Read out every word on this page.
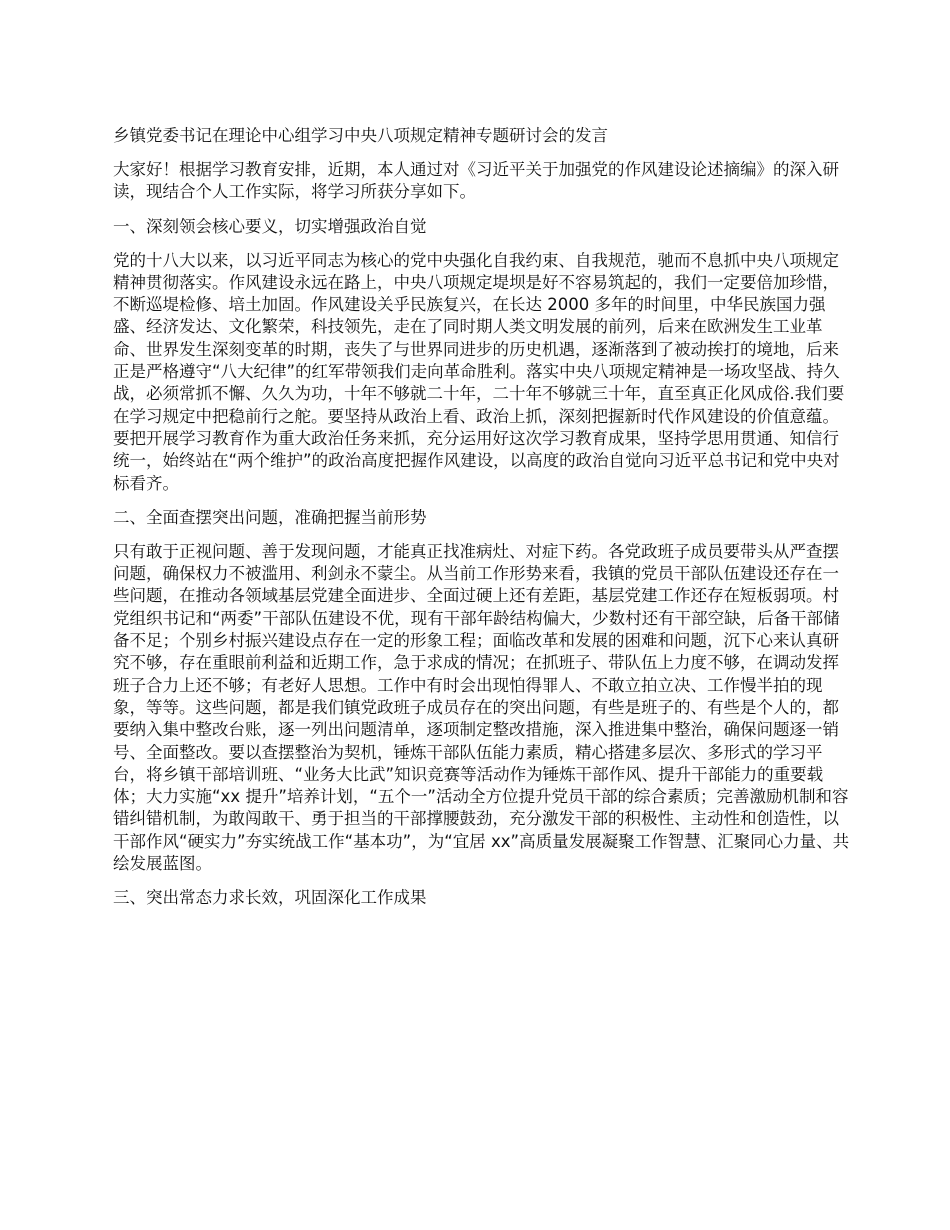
乡镇党委书记在理论中心组学习中央八项规定精神专题研讨会的发言
大家好！根据学习教育安排，近期，本人通过对《习近平关于加强党的作风建设论述摘编》的深入研读，现结合个人工作实际，将学习所获分享如下。
一、深刻领会核心要义，切实增强政治自觉
党的十八大以来，以习近平同志为核心的党中央强化自我约束、自我规范，驰而不息抓中央八项规定精神贯彻落实。作风建设永远在路上，中央八项规定堤坝是好不容易筑起的，我们一定要倍加珍惜，不断巡堤检修、培土加固。作风建设关乎民族复兴，在长达 2000 多年的时间里，中华民族国力强盛、经济发达、文化繁荣，科技领先，走在了同时期人类文明发展的前列，后来在欧洲发生工业革命、世界发生深刻变革的时期，丧失了与世界同进步的历史机遇，逐渐落到了被动挨打的境地，后来正是严格遵守“八大纪律”的红军带领我们走向革命胜利。落实中央八项规定精神是一场攻坚战、持久战，必须常抓不懈、久久为功，十年不够就二十年，二十年不够就三十年，直至真正化风成俗.我们要在学习规定中把稳前行之舵。要坚持从政治上看、政治上抓，深刻把握新时代作风建设的价值意蕴。要把开展学习教育作为重大政治任务来抓，充分运用好这次学习教育成果，坚持学思用贯通、知信行统一，始终站在“两个维护”的政治高度把握作风建设，以高度的政治自觉向习近平总书记和党中央对标看齐。
二、全面查摆突出问题，准确把握当前形势
只有敢于正视问题、善于发现问题，才能真正找准病灶、对症下药。各党政班子成员要带头从严查摆问题，确保权力不被滥用、利剑永不蒙尘。从当前工作形势来看，我镇的党员干部队伍建设还存在一些问题，在推动各领域基层党建全面进步、全面过硬上还有差距，基层党建工作还存在短板弱项。村党组织书记和“两委”干部队伍建设不优，现有干部年龄结构偏大，少数村还有干部空缺，后备干部储备不足；个别乡村振兴建设点存在一定的形象工程；面临改革和发展的困难和问题，沉下心来认真研究不够，存在重眼前利益和近期工作，急于求成的情况；在抓班子、带队伍上力度不够，在调动发挥班子合力上还不够；有老好人思想。工作中有时会出现怕得罪人、不敢立拍立决、工作慢半拍的现象，等等。这些问题，都是我们镇党政班子成员存在的突出问题，有些是班子的、有些是个人的，都要纳入集中整改台账，逐一列出问题清单，逐项制定整改措施，深入推进集中整治，确保问题逐一销号、全面整改。要以查摆整治为契机，锤炼干部队伍能力素质，精心搭建多层次、多形式的学习平台，将乡镇干部培训班、“业务大比武”知识竞赛等活动作为锤炼干部作风、提升干部能力的重要载体；大力实施“xx 提升”培养计划，“五个一”活动全方位提升党员干部的综合素质；完善激励机制和容错纠错机制，为敢闯敢干、勇于担当的干部撑腰鼓劲，充分激发干部的积极性、主动性和创造性，以干部作风“硬实力”夯实统战工作“基本功”，为“宜居 xx”高质量发展凝聚工作智慧、汇聚同心力量、共绘发展蓝图。
三、突出常态力求长效，巩固深化工作成果
